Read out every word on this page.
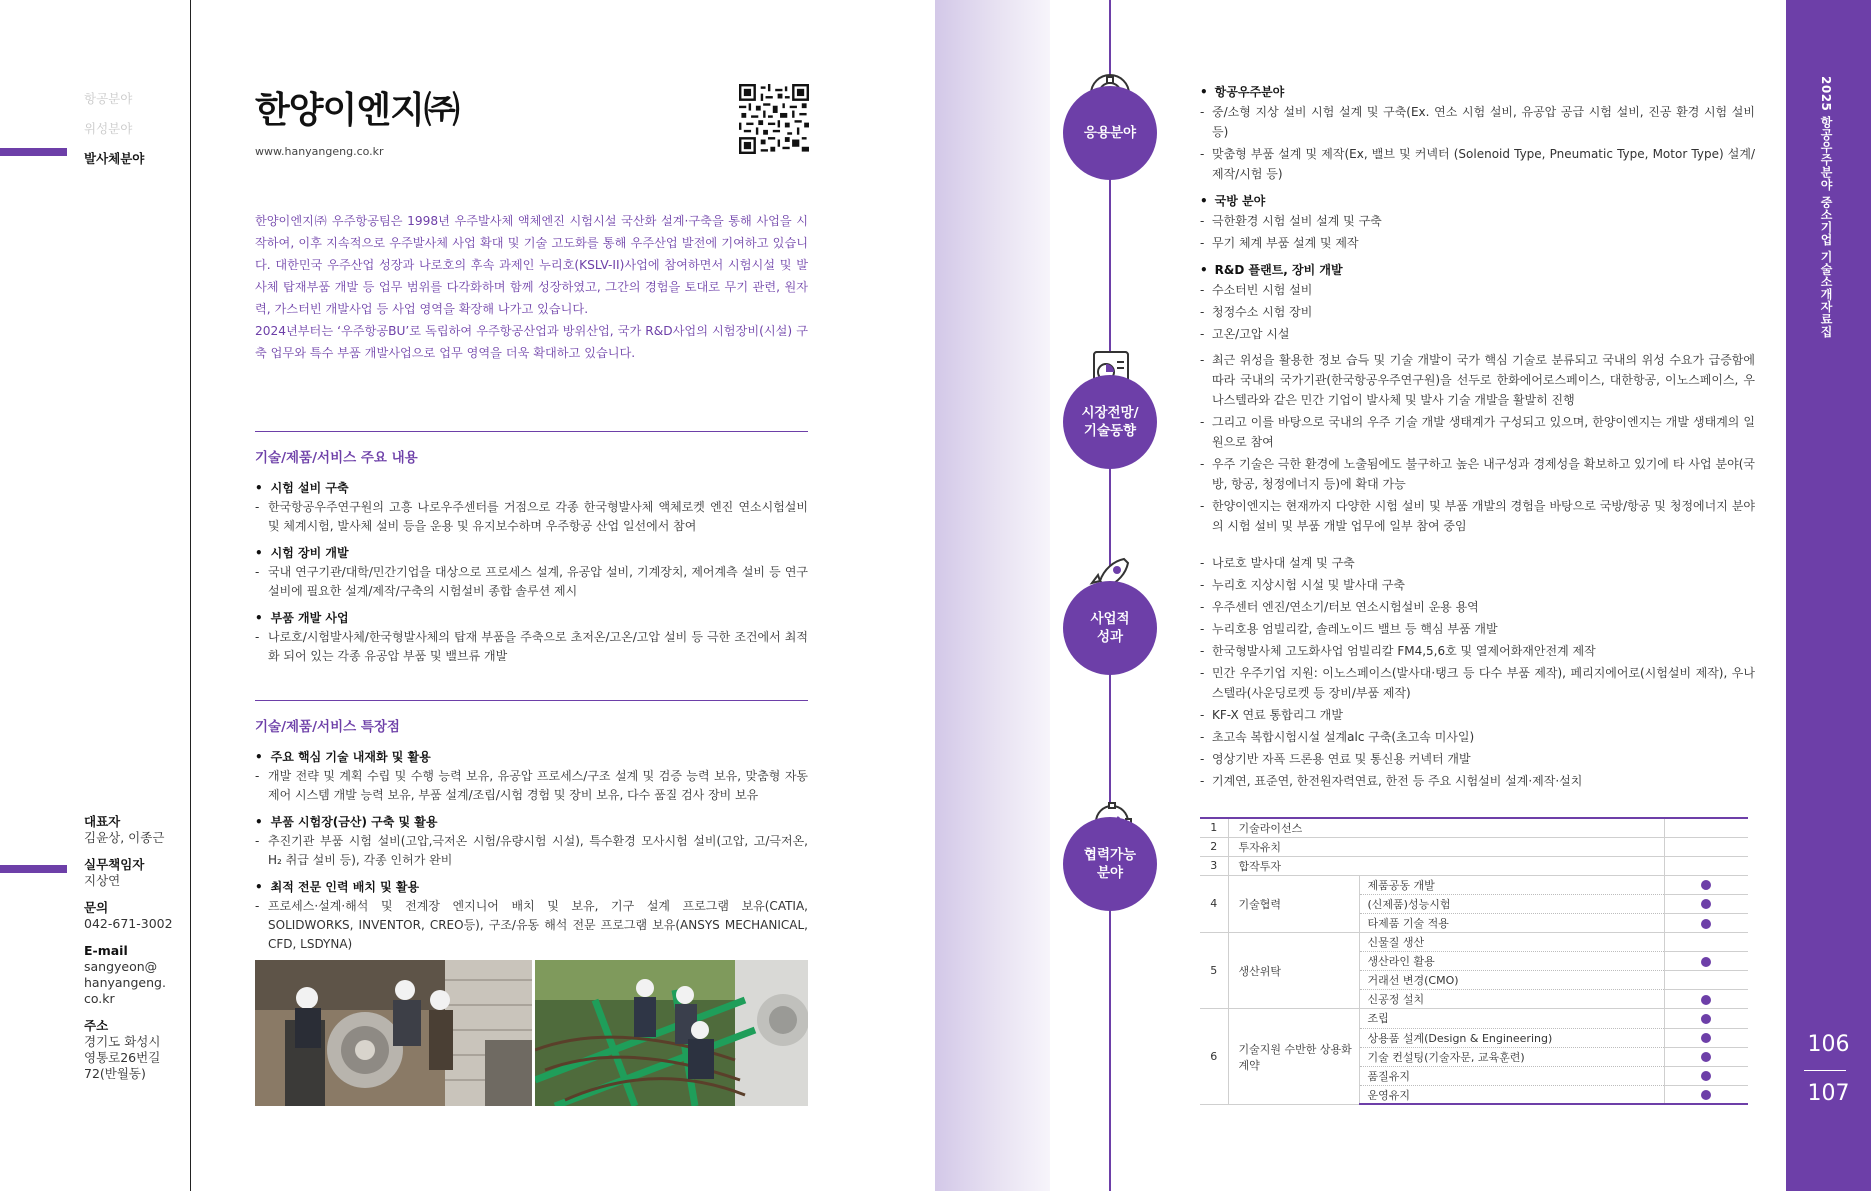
항공분야
위성분야
발사체분야
한양이엔지㈜
www.hanyangeng.co.kr

한양이엔지㈜ 우주항공팀은 1998년 우주발사체 액체엔진 시험시설 국산화 설계·구축을 통해 사업을 시작하여, 이후 지속적으로 우주발사체 사업 확대 및 기술 고도화를 통해 우주산업 발전에 기여하고 있습니다. 대한민국 우주산업 성장과 나로호의 후속 과제인 누리호(KSLV-II)사업에 참여하면서 시험시설 및 발사체 탑재부품 개발 등 업무 범위를 다각화하며 함께 성장하였고, 그간의 경험을 토대로 무기 관련, 원자력, 가스터빈 개발사업 등 사업 영역을 확장해 나가고 있습니다.

2024년부터는 ‘우주항공BU’로 독립하여 우주항공산업과 방위산업, 국가 R&D사업의 시험장비(시설) 구축 업무와 특수 부품 개발사업으로 업무 영역을 더욱 확대하고 있습니다.

기술/제품/서비스 주요 내용
• 시험 설비 구축
- 한국항공우주연구원의 고흥 나로우주센터를 거점으로 각종 한국형발사체 액체로켓 엔진 연소시험설비 및 체계시험, 발사체 설비 등을 운용 및 유지보수하며 우주항공 산업 일선에서 참여
• 시험 장비 개발
- 국내 연구기관/대학/민간기업을 대상으로 프로세스 설계, 유공압 설비, 기계장치, 제어계측 설비 등 연구설비에 필요한 설계/제작/구축의 시험설비 종합 솔루션 제시
• 부품 개발 사업
- 나로호/시험발사체/한국형발사체의 탑재 부품을 주축으로 초저온/고온/고압 설비 등 극한 조건에서 최적화 되어 있는 각종 유공압 부품 및 밸브류 개발
기술/제품/서비스 특장점
• 주요 핵심 기술 내재화 및 활용
- 개발 전략 및 계획 수립 및 수행 능력 보유, 유공압 프로세스/구조 설계 및 검증 능력 보유, 맞춤형 자동제어 시스템 개발 능력 보유, 부품 설계/조립/시험 경험 및 장비 보유, 다수 품질 검사 장비 보유
• 부품 시험장(금산) 구축 및 활용
- 추진기관 부품 시험 설비(고압,극저온 시험/유량시험 시설), 특수환경 모사시험 설비(고압, 고/극저온, H₂ 취급 설비 등), 각종 인허가 완비
• 최적 전문 인력 배치 및 활용
- 프로세스·설계·해석 및 전계장 엔지니어 배치 및 보유, 기구 설계 프로그램 보유(CATIA, SOLIDWORKS, INVENTOR, CREO등), 구조/유동 해석 전문 프로그램 보유(ANSYS MECHANICAL, CFD, LSDYNA)
대표자
김윤상, 이종근
실무책임자
지상연
문의
042-671-3002
E-mail
sangyeon@
hanyangeng.
co.kr
주소
경기도 화성시
영통로26번길
72(반월동)
응용분야
• 항공우주분야
- 중/소형 지상 설비 시험 설계 및 구축(Ex. 연소 시험 설비, 유공압 공급 시험 설비, 진공 환경 시험 설비 등)
- 맞춤형 부품 설계 및 제작(Ex, 밸브 및 커넥터 (Solenoid Type, Pneumatic Type, Motor Type) 설계/제작/시험 등)
• 국방 분야
- 극한환경 시험 설비 설계 및 구축
- 무기 체계 부품 설계 및 제작
• R&D 플랜트, 장비 개발
- 수소터빈 시험 설비
- 청정수소 시험 장비
- 고온/고압 시설
시장전망/
기술동향
- 최근 위성을 활용한 정보 습득 및 기술 개발이 국가 핵심 기술로 분류되고 국내의 위성 수요가 급증함에 따라 국내의 국가기관(한국항공우주연구원)을 선두로 한화에어로스페이스, 대한항공, 이노스페이스, 우나스텔라와 같은 민간 기업이 발사체 및 발사 기술 개발을 활발히 진행
- 그리고 이를 바탕으로 국내의 우주 기술 개발 생태계가 구성되고 있으며, 한양이엔지는 개발 생태계의 일원으로 참여
- 우주 기술은 극한 환경에 노출됨에도 불구하고 높은 내구성과 경제성을 확보하고 있기에 타 사업 분야(국방, 항공, 청정에너지 등)에 확대 가능
- 한양이엔지는 현재까지 다양한 시험 설비 및 부품 개발의 경험을 바탕으로 국방/항공 및 청정에너지 분야의 시험 설비 및 부품 개발 업무에 일부 참여 중임
사업적
성과
- 나로호 발사대 설계 및 구축
- 누리호 지상시험 시설 및 발사대 구축
- 우주센터 엔진/연소기/터보 연소시험설비 운용 용역
- 누리호용 엄빌리칼, 솔레노이드 밸브 등 핵심 부품 개발
- 한국형발사체 고도화사업 엄빌리칼 FM4,5,6호 및 열제어화재안전계 제작
- 민간 우주기업 지원: 이노스페이스(발사대·탱크 등 다수 부품 제작), 페리지에어로(시험설비 제작), 우나스텔라(사운딩로켓 등 장비/부품 제작)
- KF-X 연료 통합리그 개발
- 초고속 복합시험시설 설계alc 구축(초고속 미사일)
- 영상기반 자폭 드론용 연료 및 통신용 커넥터 개발
- 기계연, 표준연, 한전원자력연료, 한전 등 주요 시험설비 설계·제작·설치
협력가능
분야
1	기술라이선스		
2	투자유치		
3	합작투자		
4	기술협력	제품공동 개발	
		(신제품)성능시험	
		타제품 기술 적용	
5	생산위탁	신물질 생산	
		생산라인 활용	
		거래선 변경(CMO)	
		신공정 설치	
6	기술지원 수반한 상용화 계약	조립	
		상용품 설계(Design & Engineering)	
		기술 컨설팅(기술자문, 교육훈련)	
		품질유지	
		운영유지	
2025 항공우주분야 중소기업 기술소개자료집
106
107
